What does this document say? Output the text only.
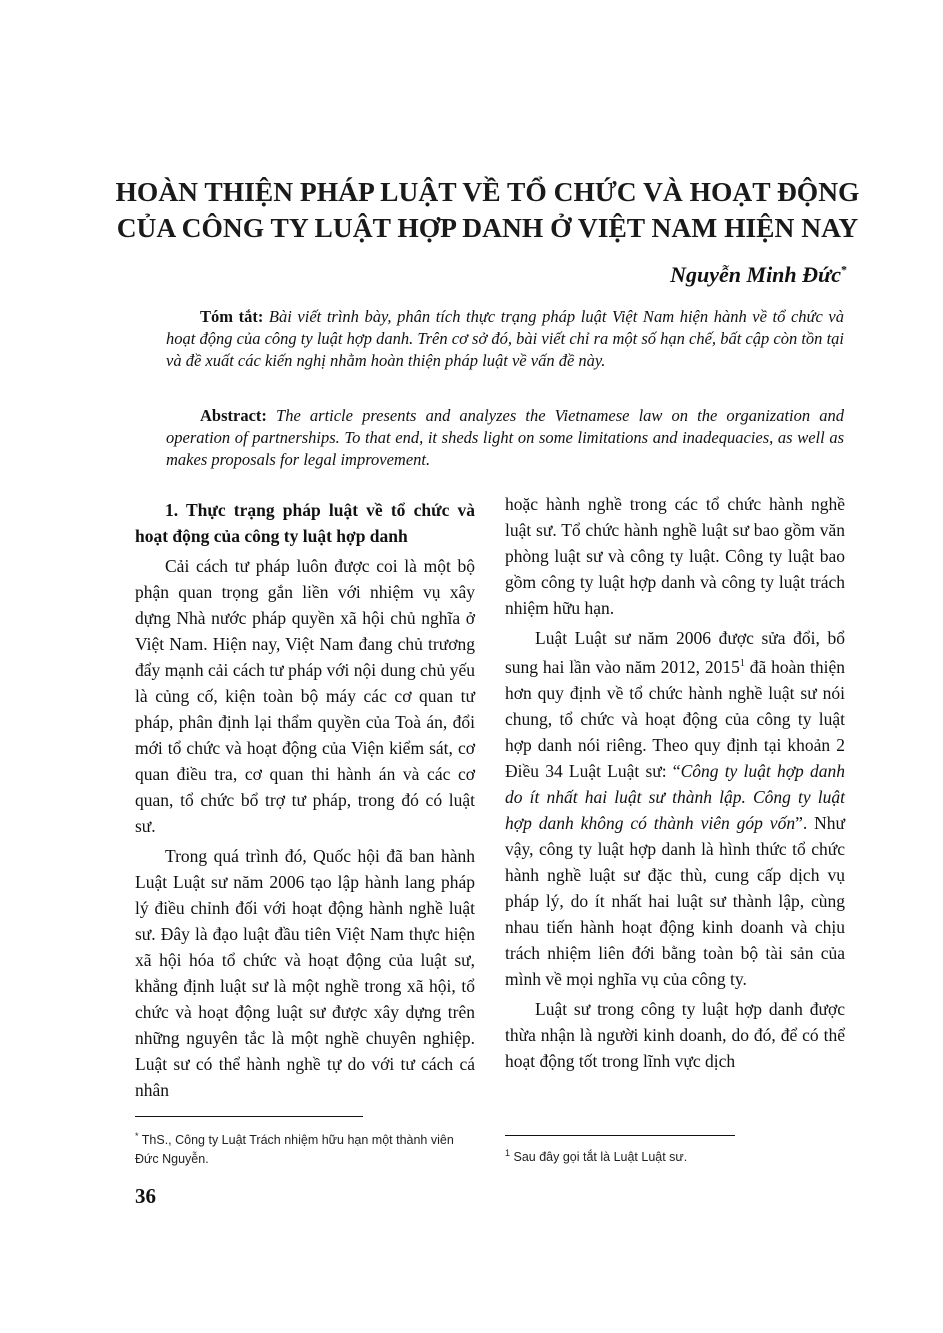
HOÀN THIỆN PHÁP LUẬT VỀ TỔ CHỨC VÀ HOẠT ĐỘNG
CỦA CÔNG TY LUẬT HỢP DANH Ở VIỆT NAM HIỆN NAY
Nguyễn Minh Đức*
Tóm tắt: Bài viết trình bày, phân tích thực trạng pháp luật Việt Nam hiện hành về tổ chức và hoạt động của công ty luật hợp danh. Trên cơ sở đó, bài viết chỉ ra một số hạn chế, bất cập còn tồn tại và đề xuất các kiến nghị nhằm hoàn thiện pháp luật về vấn đề này.
Abstract: The article presents and analyzes the Vietnamese law on the organization and operation of partnerships. To that end, it sheds light on some limitations and inadequacies, as well as makes proposals for legal improvement.
1. Thực trạng pháp luật về tổ chức và hoạt động của công ty luật hợp danh

Cải cách tư pháp luôn được coi là một bộ phận quan trọng gắn liền với nhiệm vụ xây dựng Nhà nước pháp quyền xã hội chủ nghĩa ở Việt Nam. Hiện nay, Việt Nam đang chủ trương đẩy mạnh cải cách tư pháp với nội dung chủ yếu là củng cố, kiện toàn bộ máy các cơ quan tư pháp, phân định lại thẩm quyền của Toà án, đổi mới tổ chức và hoạt động của Viện kiểm sát, cơ quan điều tra, cơ quan thi hành án và các cơ quan, tổ chức bổ trợ tư pháp, trong đó có luật sư.

Trong quá trình đó, Quốc hội đã ban hành Luật Luật sư năm 2006 tạo lập hành lang pháp lý điều chỉnh đối với hoạt động hành nghề luật sư. Đây là đạo luật đầu tiên Việt Nam thực hiện xã hội hóa tổ chức và hoạt động của luật sư, khẳng định luật sư là một nghề trong xã hội, tổ chức và hoạt động luật sư được xây dựng trên những nguyên tắc là một nghề chuyên nghiệp. Luật sư có thể hành nghề tự do với tư cách cá nhân

hoặc hành nghề trong các tổ chức hành nghề luật sư. Tổ chức hành nghề luật sư bao gồm văn phòng luật sư và công ty luật. Công ty luật bao gồm công ty luật hợp danh và công ty luật trách nhiệm hữu hạn.

Luật Luật sư năm 2006 được sửa đổi, bổ sung hai lần vào năm 2012, 2015$^1$ đã hoàn thiện hơn quy định về tổ chức hành nghề luật sư nói chung, tổ chức và hoạt động của công ty luật hợp danh nói riêng. Theo quy định tại khoản 2 Điều 34 Luật Luật sư: “Công ty luật hợp danh do ít nhất hai luật sư thành lập. Công ty luật hợp danh không có thành viên góp vốn”. Như vậy, công ty luật hợp danh là hình thức tổ chức hành nghề luật sư đặc thù, cung cấp dịch vụ pháp lý, do ít nhất hai luật sư thành lập, cùng nhau tiến hành hoạt động kinh doanh và chịu trách nhiệm liên đới bằng toàn bộ tài sản của mình về mọi nghĩa vụ của công ty.

Luật sư trong công ty luật hợp danh được thừa nhận là người kinh doanh, do đó, để có thể hoạt động tốt trong lĩnh vực dịch

* ThS., Công ty Luật Trách nhiệm hữu hạn một thành viên Đức Nguyễn.	$^1$ Sau đây gọi tắt là Luật Luật sư.
36
